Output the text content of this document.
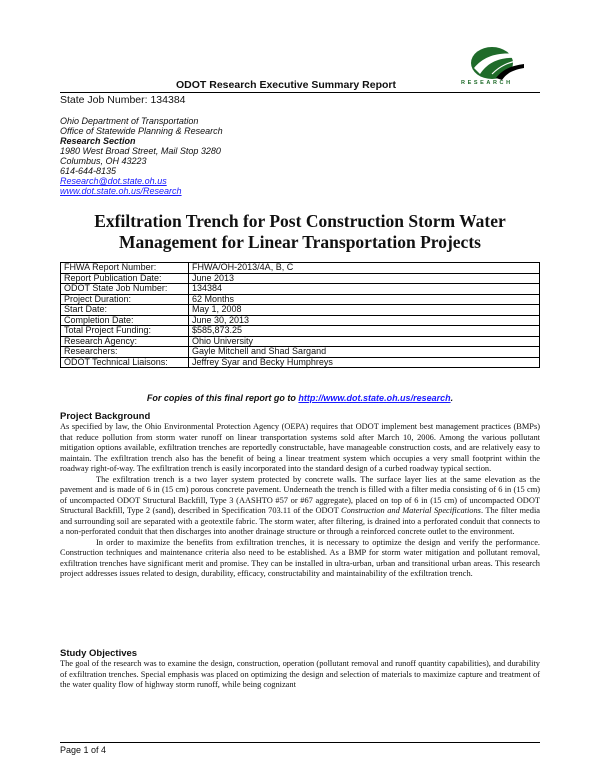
RESEARCH
ODOT Research Executive Summary Report
State Job Number: 134384
Ohio Department of Transportation
Office of Statewide Planning & Research
Research Section
1980 West Broad Street, Mail Stop 3280
Columbus, OH 43223
614-644-8135
Research@dot.state.oh.us
www.dot.state.oh.us/Research
Exfiltration Trench for Post Construction Storm Water
Management for Linear Transportation Projects
FHWA Report Number:	FHWA/OH-2013/4A, B, C
Report Publication Date:	June 2013
ODOT State Job Number:	134384
Project Duration:	62 Months
Start Date:	May 1, 2008
Completion Date:	June 30, 2013
Total Project Funding:	$585,873.25
Research Agency:	Ohio University
Researchers:	Gayle Mitchell and Shad Sargand
ODOT Technical Liaisons:	Jeffrey Syar and Becky Humphreys
For copies of this final report go to http://www.dot.state.oh.us/research.
Project Background

As specified by law, the Ohio Environmental Protection Agency (OEPA) requires that ODOT implement best management practices (BMPs) that reduce pollution from storm water runoff on linear transportation systems sold after March 10, 2006. Among the various pollutant mitigation options available, exfiltration trenches are reportedly constructable, have manageable construction costs, and are relatively easy to maintain. The exfiltration trench also has the benefit of being a linear treatment system which occupies a very small footprint within the roadway right-of-way. The exfiltration trench is easily incorporated into the standard design of a curbed roadway typical section.

The exfiltration trench is a two layer system protected by concrete walls. The surface layer lies at the same elevation as the pavement and is made of 6 in (15 cm) porous concrete pavement. Underneath the trench is filled with a filter media consisting of 6 in (15 cm) of uncompacted ODOT Structural Backfill, Type 3 (AASHTO #57 or #67 aggregate), placed on top of 6 in (15 cm) of uncompacted ODOT Structural Backfill, Type 2 (sand), described in Specification 703.11 of the ODOT Construction and Material Specifications. The filter media and surrounding soil are separated with a geotextile fabric. The storm water, after filtering, is drained into a perforated conduit that connects to a non-perforated conduit that then discharges into another drainage structure or through a reinforced concrete outlet to the environment.

In order to maximize the benefits from exfiltration trenches, it is necessary to optimize the design and verify the performance. Construction techniques and maintenance criteria also need to be established. As a BMP for storm water mitigation and pollutant removal, exfiltration trenches have significant merit and promise. They can be installed in ultra-urban, urban and transitional urban areas. This research project addresses issues related to design, durability, efficacy, constructability and maintainability of the exfiltration trench.

Study Objectives

The goal of the research was to examine the design, construction, operation (pollutant removal and runoff quantity capabilities), and durability of exfiltration trenches. Special emphasis was placed on optimizing the design and selection of materials to maximize capture and treatment of the water quality flow of highway storm runoff, while being cognizant

Page 1 of 4
